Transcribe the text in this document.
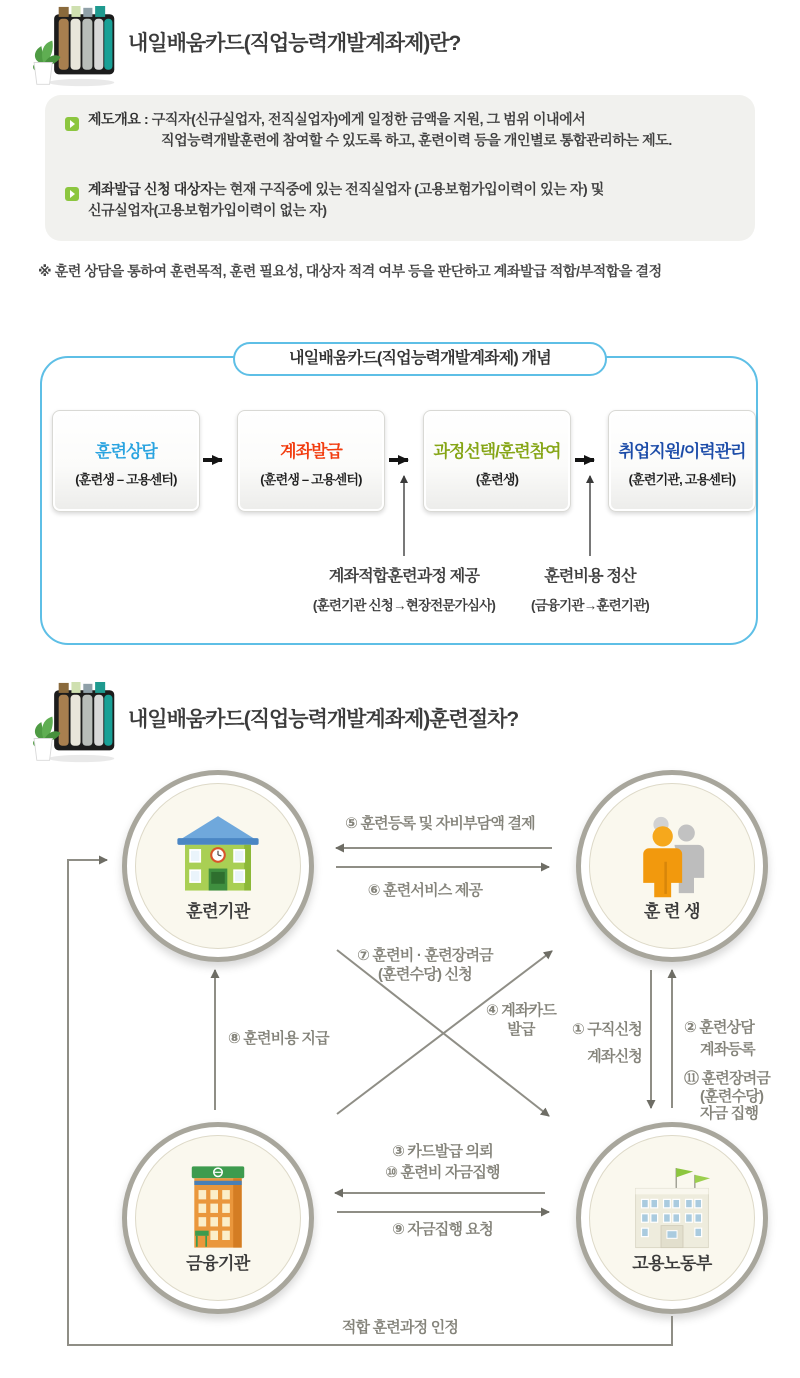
내일배움카드(직업능력개발계좌제)란?
제도개요 : 구직자(신규실업자, 전직실업자)에게 일정한 금액을 지원, 그 범위 이내에서
직업능력개발훈련에 참여할 수 있도록 하고, 훈련이력 등을 개인별로 통합관리하는 제도.
계좌발급 신청 대상자는 현재 구직중에 있는 전직실업자 (고용보험가입이력이 있는 자) 및
신규실업자(고용보험가입이력이 없는 자)
※ 훈련 상담을 통하여 훈련목적, 훈련 필요성, 대상자 적격 여부 등을 판단하고 계좌발급 적합/부적합을 결정
내일배움카드(직업능력개발계좌제) 개념
훈련상담
(훈련생 – 고용센터)
계좌발급
(훈련생 – 고용센터)
과정선택/훈련참여
(훈련생)
취업지원/이력관리
(훈련기관, 고용센터)
계좌적합훈련과정 제공
(훈련기관 신청→현장전문가심사)
훈련비용 정산
(금융기관→훈련기관)
내일배움카드(직업능력개발계좌제)훈련절차?
훈련기관	훈 련 생
금융기관	고용노동부
⑤ 훈련등록 및 자비부담액 결제
⑥ 훈련서비스 제공
⑦ 훈련비 · 훈련장려금
(훈련수당) 신청
④ 계좌카드
발급
⑧ 훈련비용 지급
① 구직신청
계좌신청
② 훈련상담
계좌등록
⑪ 훈련장려금
(훈련수당)
자금 집행
③ 카드발급 의뢰
⑩ 훈련비 자금집행
⑨ 자금집행 요청
적합 훈련과정 인정
